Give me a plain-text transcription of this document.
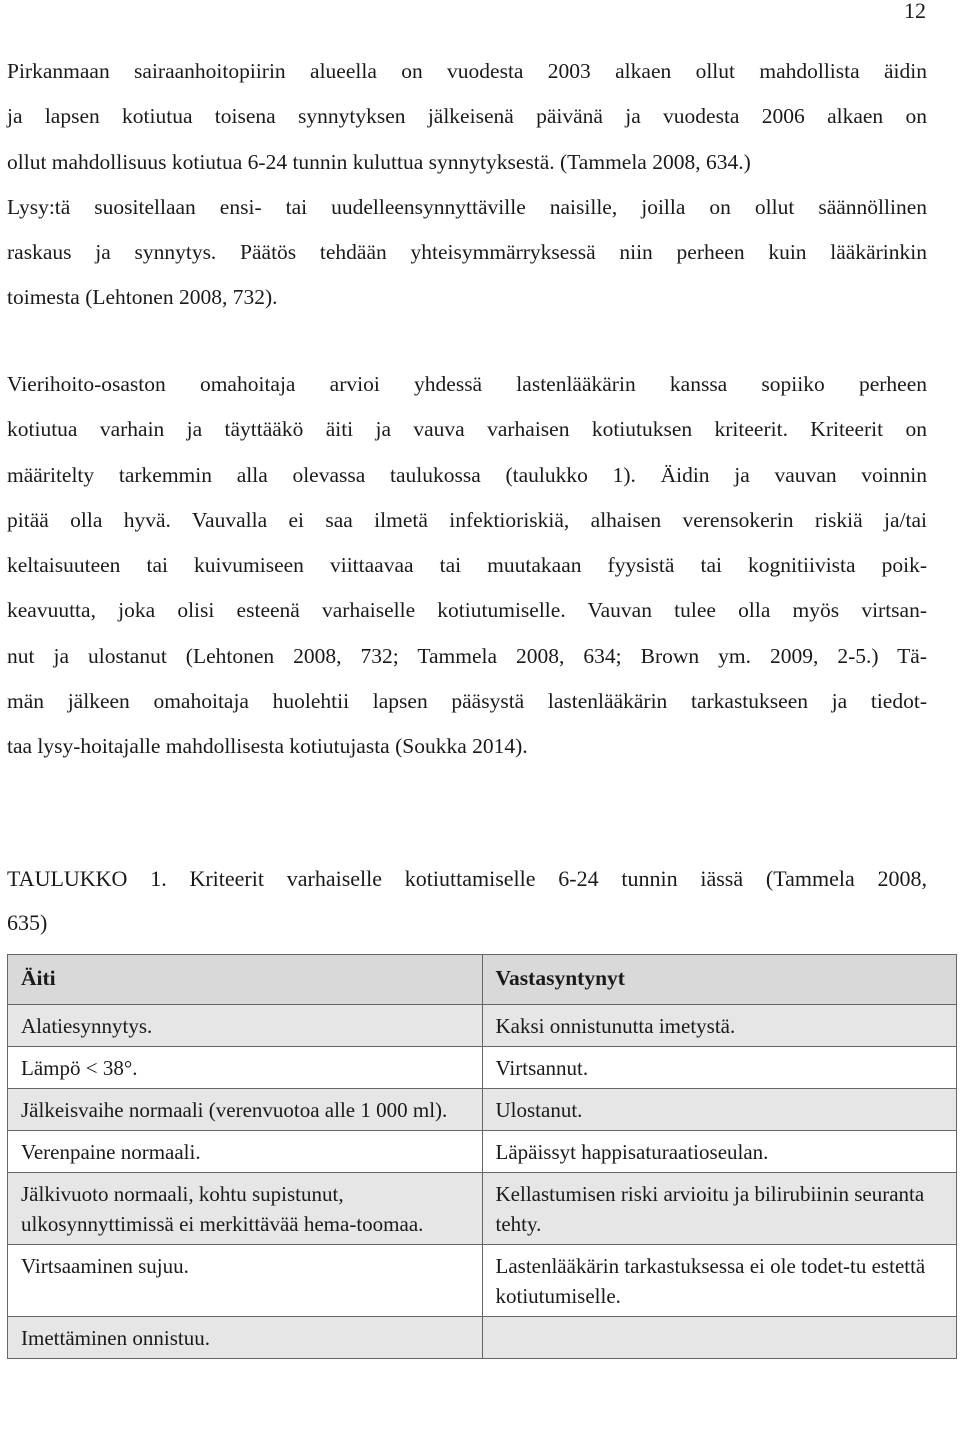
12

Pirkanmaan sairaanhoitopiirin alueella on vuodesta 2003 alkaen ollut mahdollista äidin
ja lapsen kotiutua toisena synnytyksen jälkeisenä päivänä ja vuodesta 2006 alkaen on
ollut mahdollisuus kotiutua 6-24 tunnin kuluttua synnytyksestä. (Tammela 2008, 634.)
Lysy:tä suositellaan ensi- tai uudelleensynnyttäville naisille, joilla on ollut säännöllinen
raskaus ja synnytys. Päätös tehdään yhteisymmärryksessä niin perheen kuin lääkärinkin
toimesta (Lehtonen 2008, 732).

Vierihoito-osaston omahoitaja arvioi yhdessä lastenlääkärin kanssa sopiiko perheen
kotiutua varhain ja täyttääkö äiti ja vauva varhaisen kotiutuksen kriteerit. Kriteerit on
määritelty tarkemmin alla olevassa taulukossa (taulukko 1). Äidin ja vauvan voinnin
pitää olla hyvä. Vauvalla ei saa ilmetä infektioriskiä, alhaisen verensokerin riskiä ja/tai
keltaisuuteen tai kuivumiseen viittaavaa tai muutakaan fyysistä tai kognitiivista poik-
keavuutta, joka olisi esteenä varhaiselle kotiutumiselle. Vauvan tulee olla myös virtsan-
nut ja ulostanut (Lehtonen 2008, 732; Tammela 2008, 634; Brown ym. 2009, 2-5.) Tä-
män jälkeen omahoitaja huolehtii lapsen pääsystä lastenlääkärin tarkastukseen ja tiedot-
taa lysy-hoitajalle mahdollisesta kotiutujasta (Soukka 2014).

TAULUKKO 1. Kriteerit varhaiselle kotiuttamiselle 6-24 tunnin iässä (Tammela 2008,
635)

Äiti	Vastasyntynyt
Alatiesynnytys.	Kaksi onnistunutta imetystä.
Lämpö < 38°.	Virtsannut.
Jälkeisvaihe normaali (verenvuotoa alle 1 000 ml).	Ulostanut.
Verenpaine normaali.	Läpäissyt happisaturaatioseulan.
Jälkivuoto normaali, kohtu supistunut, ulkosynnyttimissä ei merkittävää hema-toomaa.	Kellastumisen riski arvioitu ja bilirubiinin seuranta tehty.
Virtsaaminen sujuu.	Lastenlääkärin tarkastuksessa ei ole todet-tu estettä kotiutumiselle.
Imettäminen onnistuu.	
